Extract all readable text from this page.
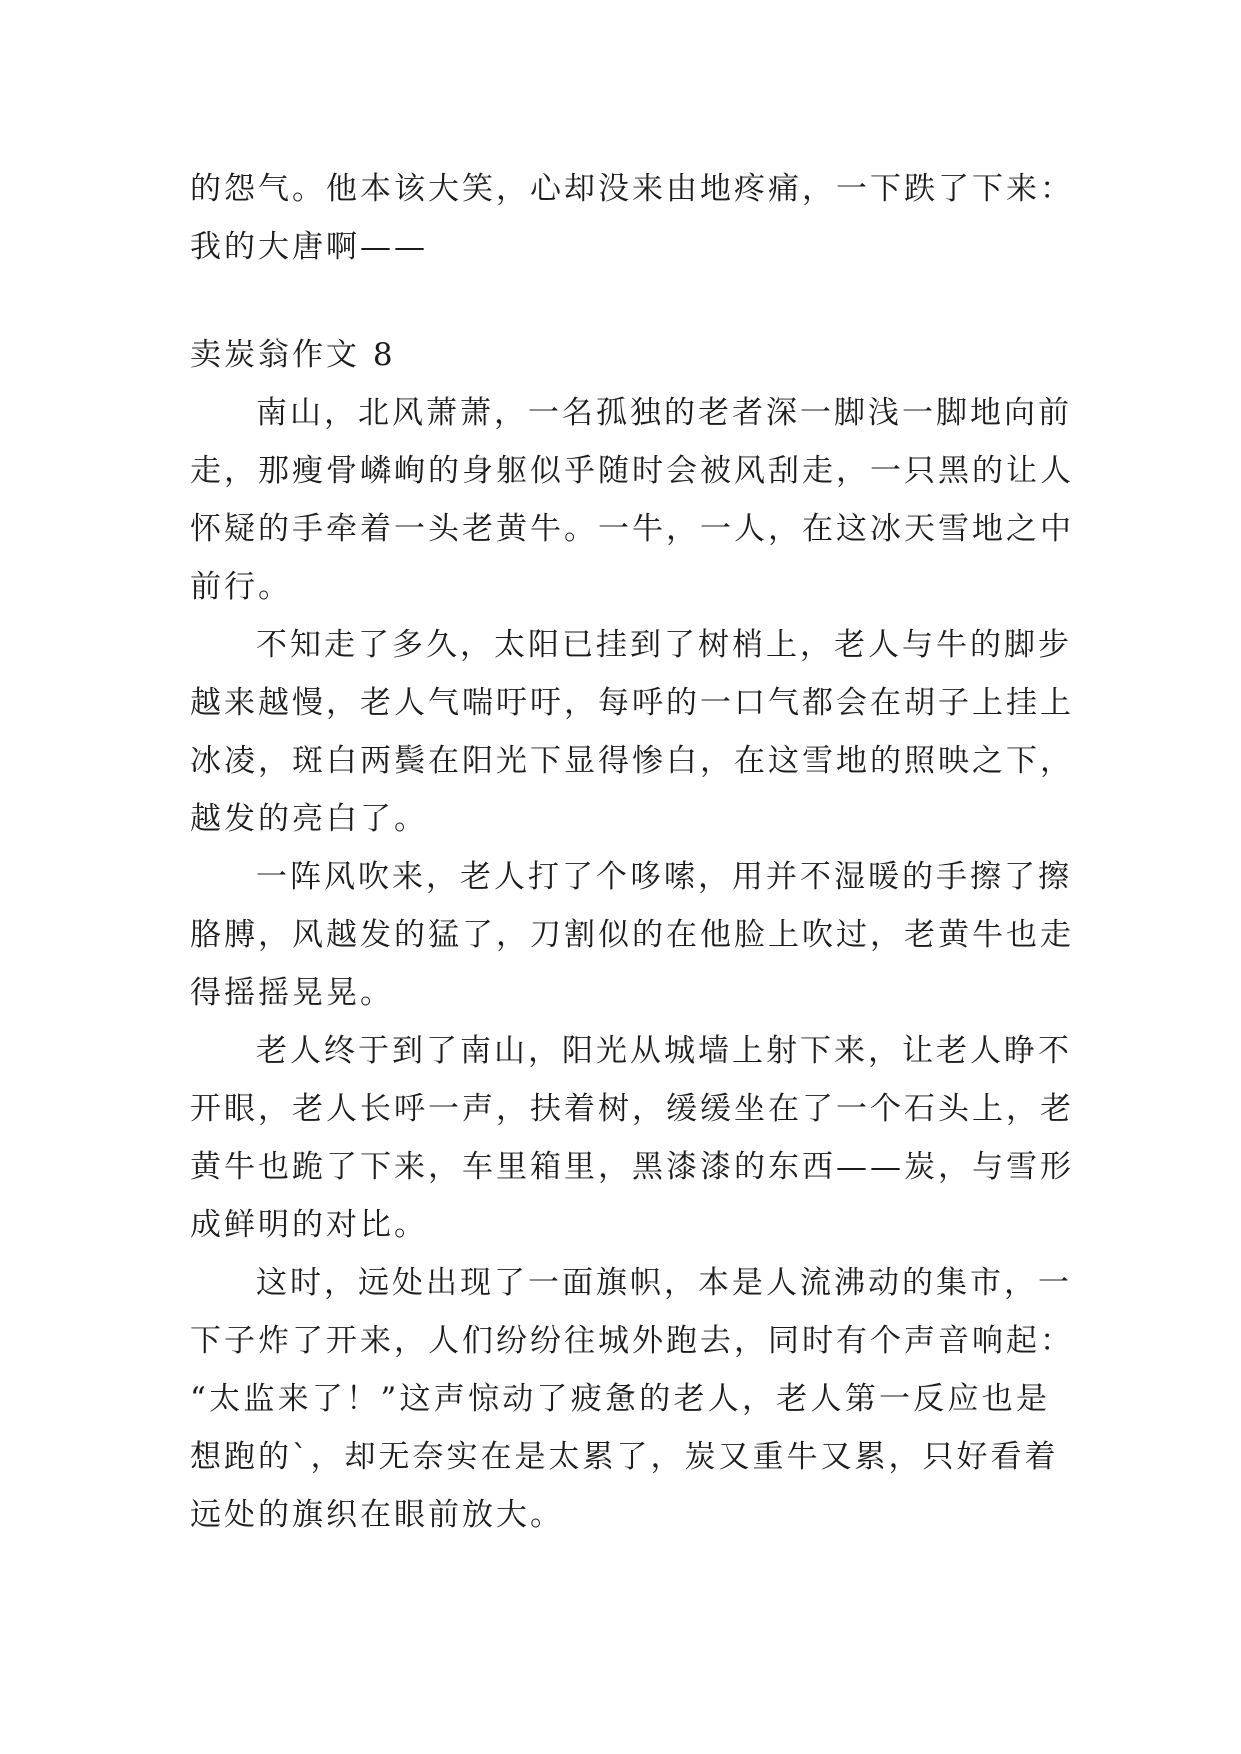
的怨气。他本该大笑，心却没来由地疼痛，一下跌了下来：
我的大唐啊——
卖炭翁作文 8
南山，北风萧萧，一名孤独的老者深一脚浅一脚地向前
走，那瘦骨嶙峋的身躯似乎随时会被风刮走，一只黑的让人
怀疑的手牵着一头老黄牛。一牛，一人，在这冰天雪地之中
前行。
不知走了多久，太阳已挂到了树梢上，老人与牛的脚步
越来越慢，老人气喘吁吁，每呼的一口气都会在胡子上挂上
冰凌，斑白两鬓在阳光下显得惨白，在这雪地的照映之下，
越发的亮白了。
一阵风吹来，老人打了个哆嗦，用并不湿暖的手擦了擦
胳膊，风越发的猛了，刀割似的在他脸上吹过，老黄牛也走
得摇摇晃晃。
老人终于到了南山，阳光从城墙上射下来，让老人睁不
开眼，老人长呼一声，扶着树，缓缓坐在了一个石头上，老
黄牛也跪了下来，车里箱里，黑漆漆的东西——炭，与雪形
成鲜明的对比。
这时，远处出现了一面旗帜，本是人流沸动的集市，一
下子炸了开来，人们纷纷往城外跑去，同时有个声音响起：
“太监来了！”这声惊动了疲惫的老人，老人第一反应也是
想跑的`，却无奈实在是太累了，炭又重牛又累，只好看着
远处的旗织在眼前放大。
